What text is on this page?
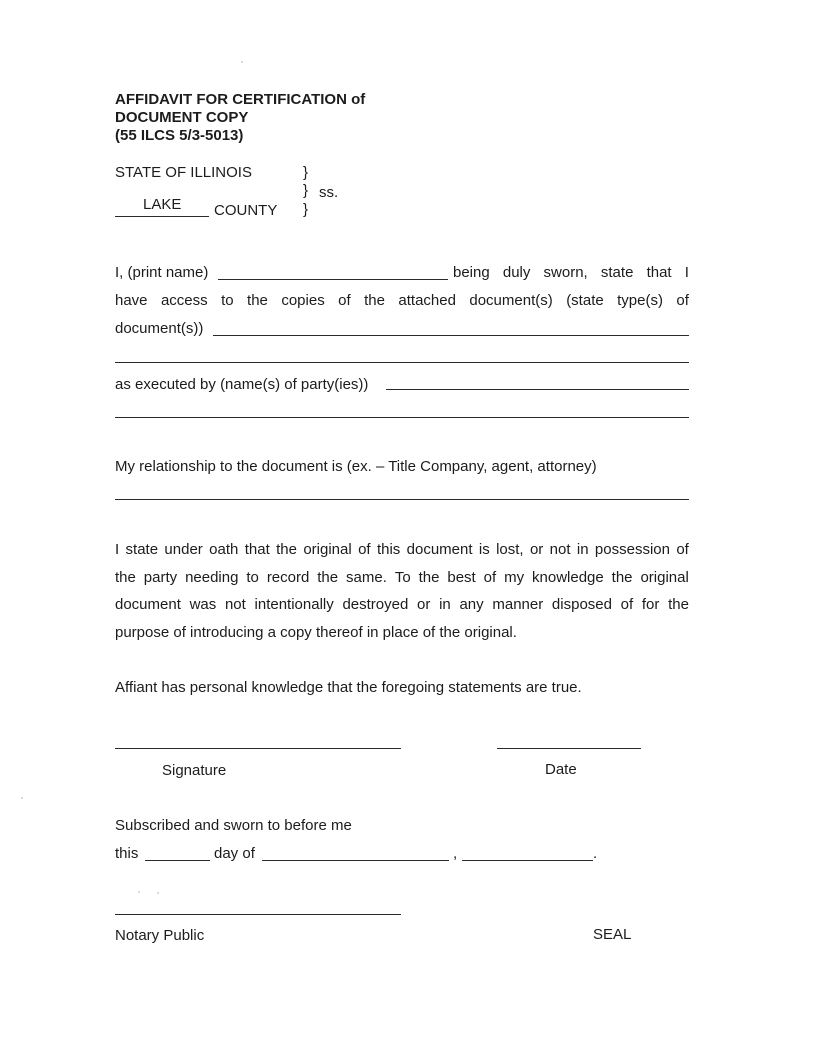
AFFIDAVIT FOR CERTIFICATION of
DOCUMENT COPY
(55 ILCS 5/3-5013)
STATE OF ILLINOIS	}
} ss.
}
LAKE COUNTY
I, (print name)	being duly sworn, state that I
have access to the copies of the attached document(s) (state type(s) of
document(s))
as executed by (name(s) of party(ies))
My relationship to the document is (ex. – Title Company, agent, attorney)
I state under oath that the original of this document is lost, or not in possession of
the party needing to record the same. To the best of my knowledge the original
document was not intentionally destroyed or in any manner disposed of for the
purpose of introducing a copy thereof in place of the original.
Affiant has personal knowledge that the foregoing statements are true.
Signature	Date
Subscribed and sworn to before me
this	day of	,	.
Notary Public	SEAL
